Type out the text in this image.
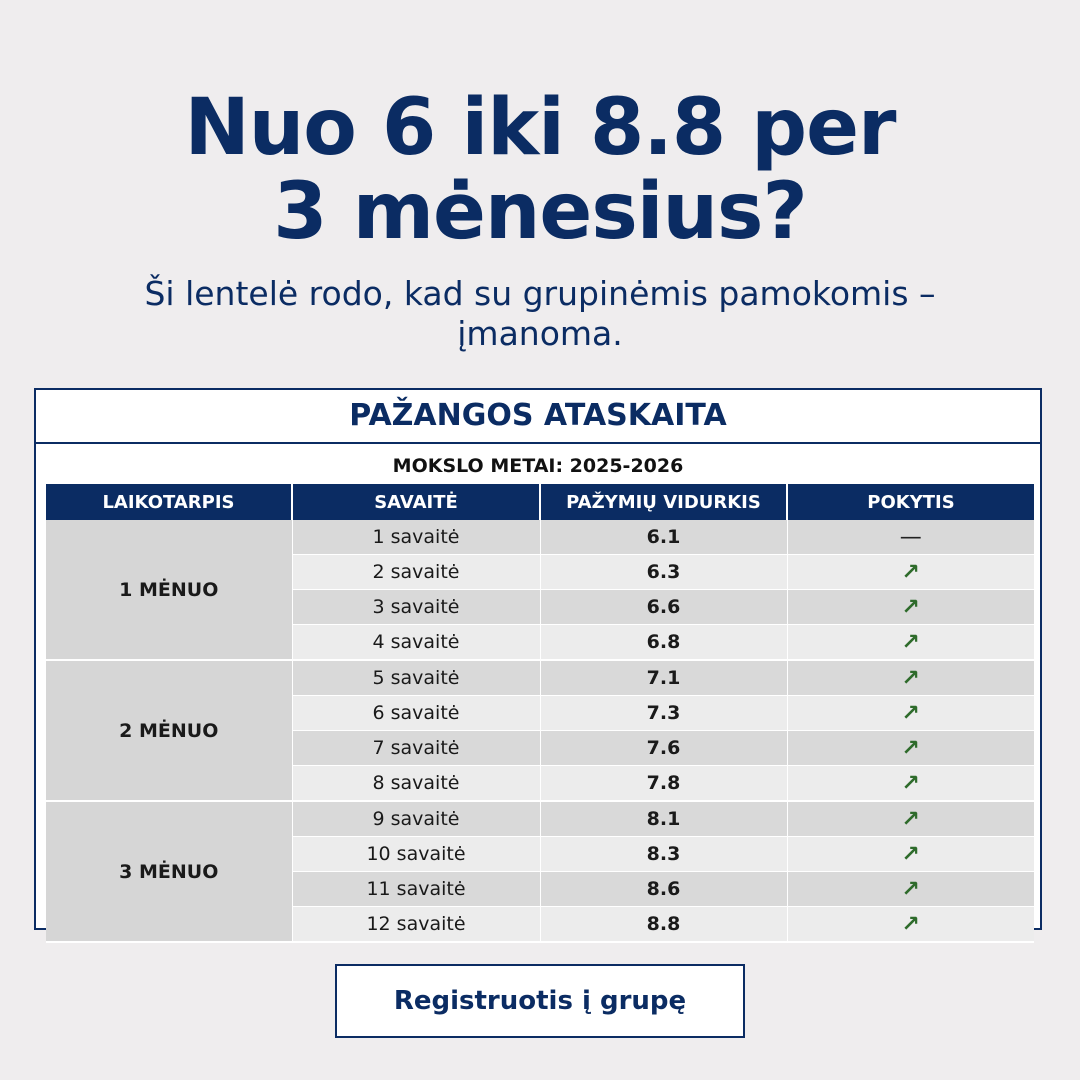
Nuo 6 iki 8.8 per
3 mėnesius?
Ši lentelė rodo, kad su grupinėmis pamokomis –
įmanoma.
PAŽANGOS ATASKAITA
MOKSLO METAI: 2025-2026
LAIKOTARPIS	SAVAITĖ	PAŽYMIŲ VIDURKIS	POKYTIS
1 MĖNUO	1 savaitė	6.1	—
	2 savaitė	6.3	↗
	3 savaitė	6.6	↗
	4 savaitė	6.8	↗
2 MĖNUO	5 savaitė	7.1	↗
	6 savaitė	7.3	↗
	7 savaitė	7.6	↗
	8 savaitė	7.8	↗
3 MĖNUO	9 savaitė	8.1	↗
	10 savaitė	8.3	↗
	11 savaitė	8.6	↗
	12 savaitė	8.8	↗
Registruotis į grupę
